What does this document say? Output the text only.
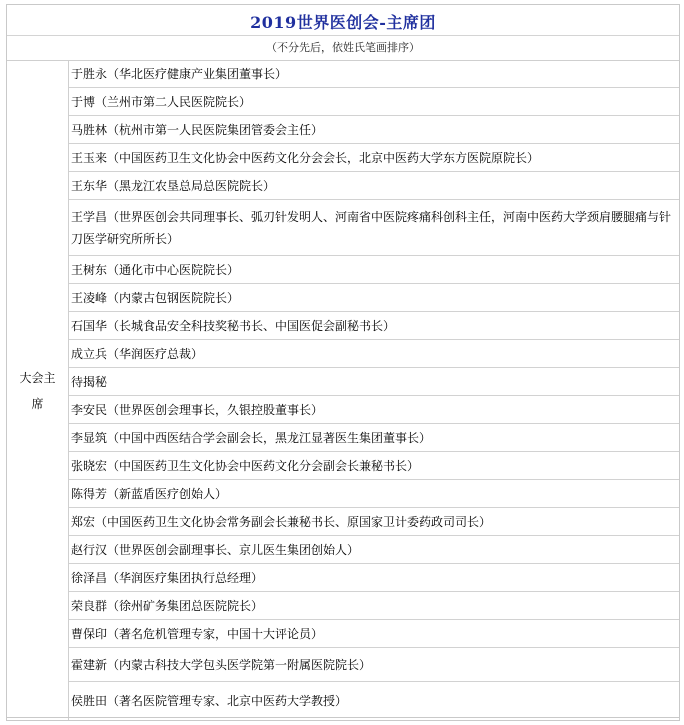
2019世界医创会-主席团
（不分先后，依姓氏笔画排序）
大会主席
于胜永（华北医疗健康产业集团董事长）
于博（兰州市第二人民医院院长）
马胜林（杭州市第一人民医院集团管委会主任）
王玉来（中国医药卫生文化协会中医药文化分会会长，北京中医药大学东方医院原院长）
王东华（黑龙江农垦总局总医院院长）
王学昌（世界医创会共同理事长、弧刃针发明人、河南省中医院疼痛科创科主任，河南中医药大学颈肩腰腿痛与针刀医学研究所所长）
王树东（通化市中心医院院长）
王凌峰（内蒙古包钢医院院长）
石国华（长城食品安全科技奖秘书长、中国医促会副秘书长）
成立兵（华润医疗总裁）
待揭秘
李安民（世界医创会理事长，久银控股董事长）
李显筑（中国中西医结合学会副会长，黑龙江显著医生集团董事长）
张晓宏（中国医药卫生文化协会中医药文化分会副会长兼秘书长）
陈得芳（新蓝盾医疗创始人）
郑宏（中国医药卫生文化协会常务副会长兼秘书长、原国家卫计委药政司司长）
赵行汉（世界医创会副理事长、京儿医生集团创始人）
徐泽昌（华润医疗集团执行总经理）
荣良群（徐州矿务集团总医院院长）
曹保印（著名危机管理专家，中国十大评论员）
霍建新（内蒙古科技大学包头医学院第一附属医院院长）
侯胜田（著名医院管理专家、北京中医药大学教授）
